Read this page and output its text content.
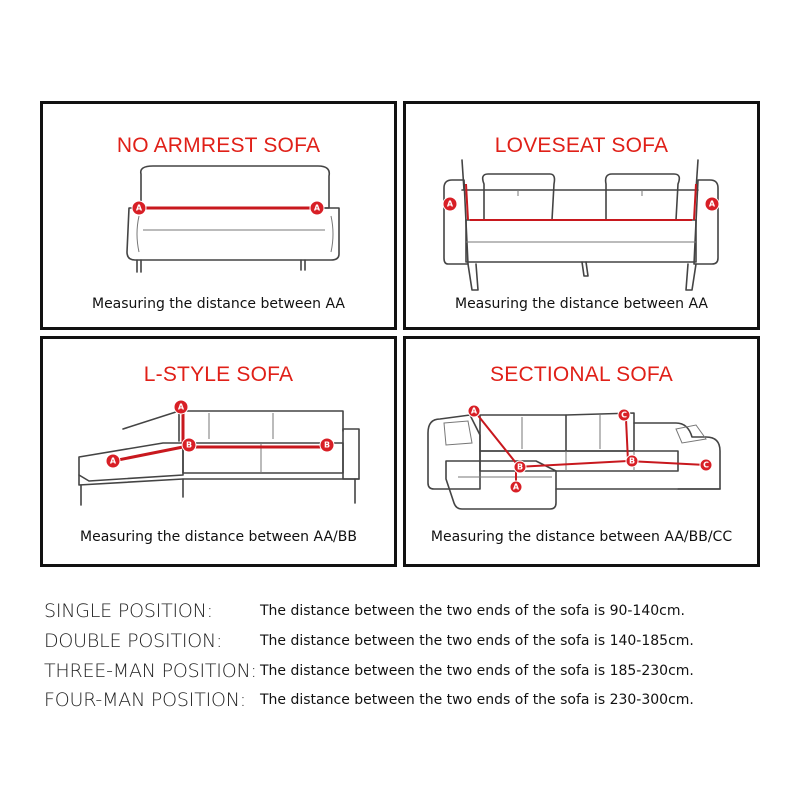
NO ARMREST SOFA
A	A
Measuring the distance between AA
LOVESEAT SOFA
A	A
Measuring the distance between AA
L-STYLE SOFA
A
A
B	B
Measuring the distance between AA/BB
SECTIONAL SOFA
A
A
B
B
C
C
Measuring the distance between AA/BB/CC
SINGLE POSITION:	The distance between the two ends of the sofa is 90-140cm.
DOUBLE POSITION:	The distance between the two ends of the sofa is 140-185cm.
THREE-MAN POSITION: The distance between the two ends of the sofa is 185-230cm.
FOUR-MAN POSITION: The distance between the two ends of the sofa is 230-300cm.
